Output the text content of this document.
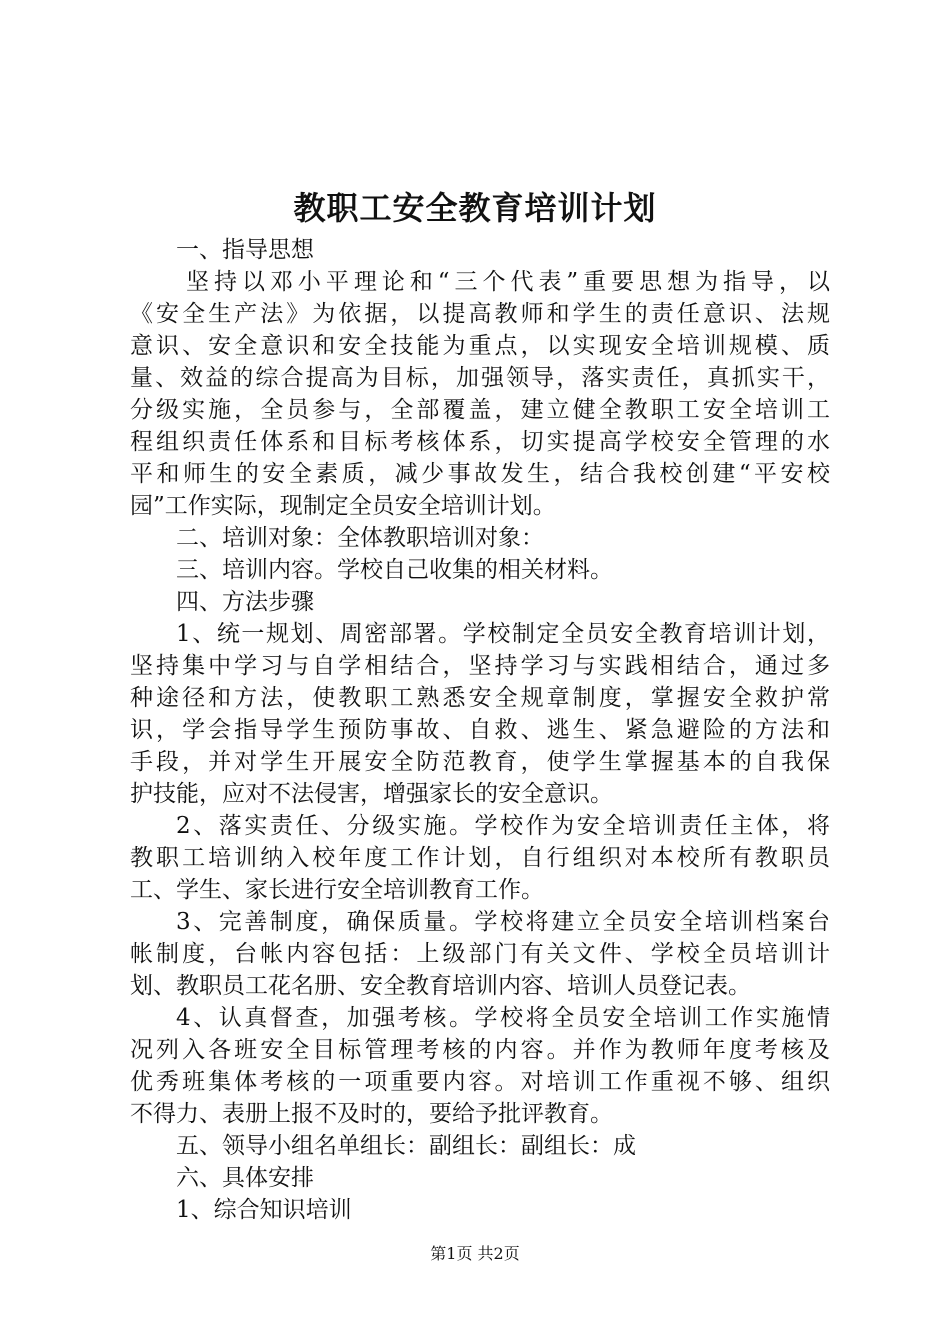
教职工安全教育培训计划
一、指导思想
坚持以邓小平理论和“三个代表”重要思想为指导，以
《安全生产法》为依据，以提高教师和学生的责任意识、法规
意识、安全意识和安全技能为重点，以实现安全培训规模、质
量、效益的综合提高为目标，加强领导，落实责任，真抓实干，
分级实施，全员参与，全部覆盖，建立健全教职工安全培训工
程组织责任体系和目标考核体系，切实提高学校安全管理的水
平和师生的安全素质，减少事故发生，结合我校创建“平安校
园”工作实际，现制定全员安全培训计划。
二、培训对象：全体教职培训对象：
三、培训内容。学校自己收集的相关材料。
四、方法步骤
1、统一规划、周密部署。学校制定全员安全教育培训计划，
坚持集中学习与自学相结合，坚持学习与实践相结合，通过多
种途径和方法，使教职工熟悉安全规章制度，掌握安全救护常
识，学会指导学生预防事故、自救、逃生、紧急避险的方法和
手段，并对学生开展安全防范教育，使学生掌握基本的自我保
护技能，应对不法侵害，增强家长的安全意识。
2、落实责任、分级实施。学校作为安全培训责任主体，将
教职工培训纳入校年度工作计划，自行组织对本校所有教职员
工、学生、家长进行安全培训教育工作。
3、完善制度，确保质量。学校将建立全员安全培训档案台
帐制度，台帐内容包括：上级部门有关文件、学校全员培训计
划、教职员工花名册、安全教育培训内容、培训人员登记表。
4、认真督查，加强考核。学校将全员安全培训工作实施情
况列入各班安全目标管理考核的内容。并作为教师年度考核及
优秀班集体考核的一项重要内容。对培训工作重视不够、组织
不得力、表册上报不及时的，要给予批评教育。
五、领导小组名单组长：副组长：副组长：成
六、具体安排
1、综合知识培训
第1页 共2页
